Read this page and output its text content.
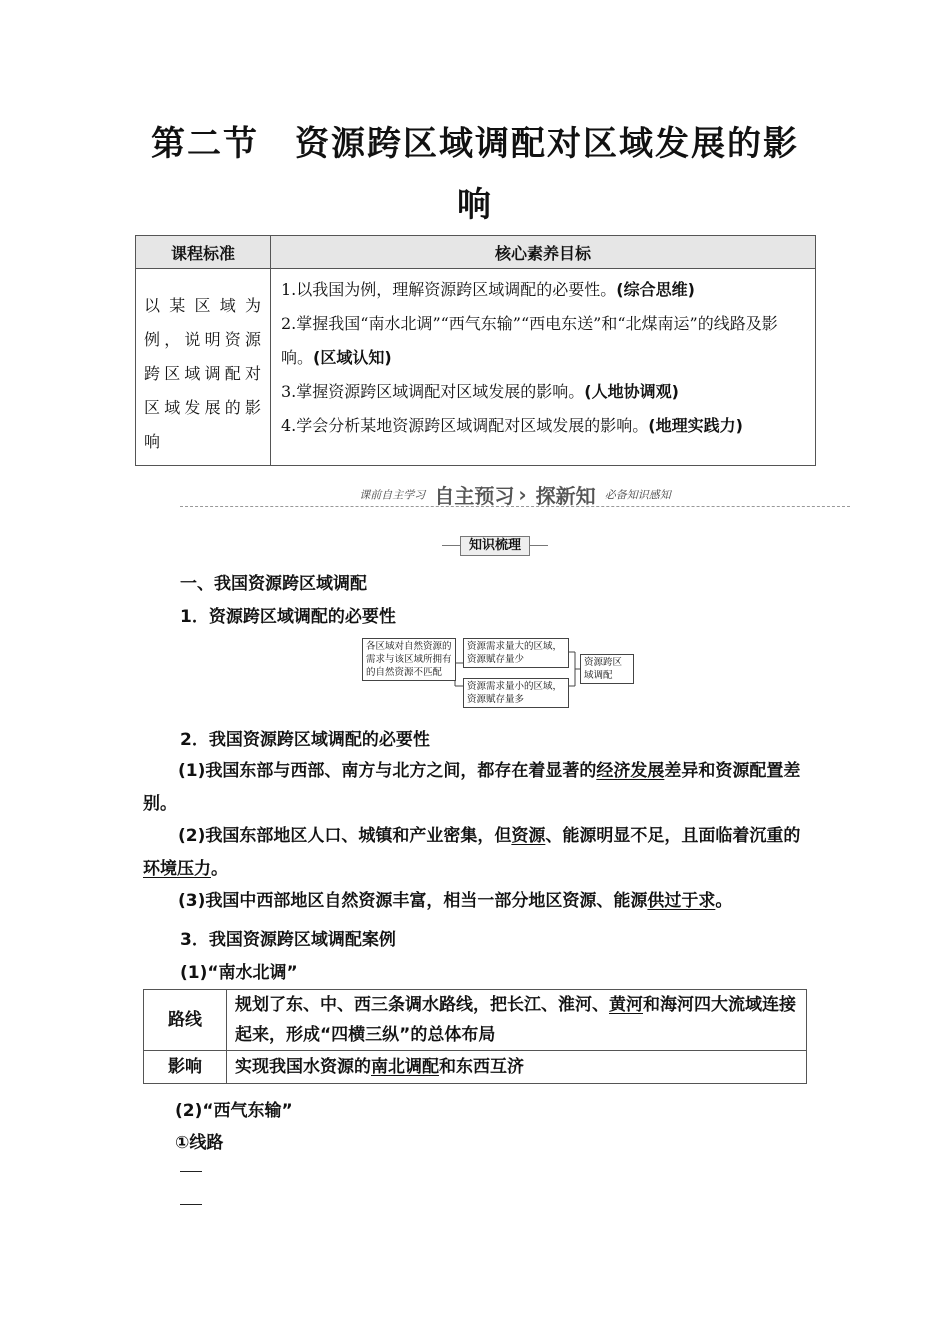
第二节　资源跨区域调配对区域发展的影
响
课程标准	核心素养目标
以某区域为例，说明资源跨区域调配对区域发展的影响	1.以我国为例，理解资源跨区域调配的必要性。(综合思维)
2.掌握我国“南水北调”“西气东输”“西电东送”和“北煤南运”的线路及影响。(区域认知)
3.掌握资源跨区域调配对区域发展的影响。(人地协调观)
4.学会分析某地资源跨区域调配对区域发展的影响。(地理实践力)
课前自主学习 自主预习 › 探新知 必备知识感知
知识梳理
一、我国资源跨区域调配
1．资源跨区域调配的必要性
各区域对自然资源的需求与该区域所拥有的自然资源不匹配
资源需求量大的区域，资源赋存量少
资源需求量小的区域，资源赋存量多
资源跨区域调配
2．我国资源跨区域调配的必要性
(1)我国东部与西部、南方与北方之间，都存在着显著的经济发展差异和资源配置差别。
(2)我国东部地区人口、城镇和产业密集，但资源、能源明显不足，且面临着沉重的环境压力。
(3)我国中西部地区自然资源丰富，相当一部分地区资源、能源供过于求。
3．我国资源跨区域调配案例
(1)“南水北调”
路线	规划了东、中、西三条调水路线，把长江、淮河、黄河和海河四大流域连接起来，形成“四横三纵”的总体布局
影响	实现我国水资源的南北调配和东西互济
(2)“西气东输”
①线路
